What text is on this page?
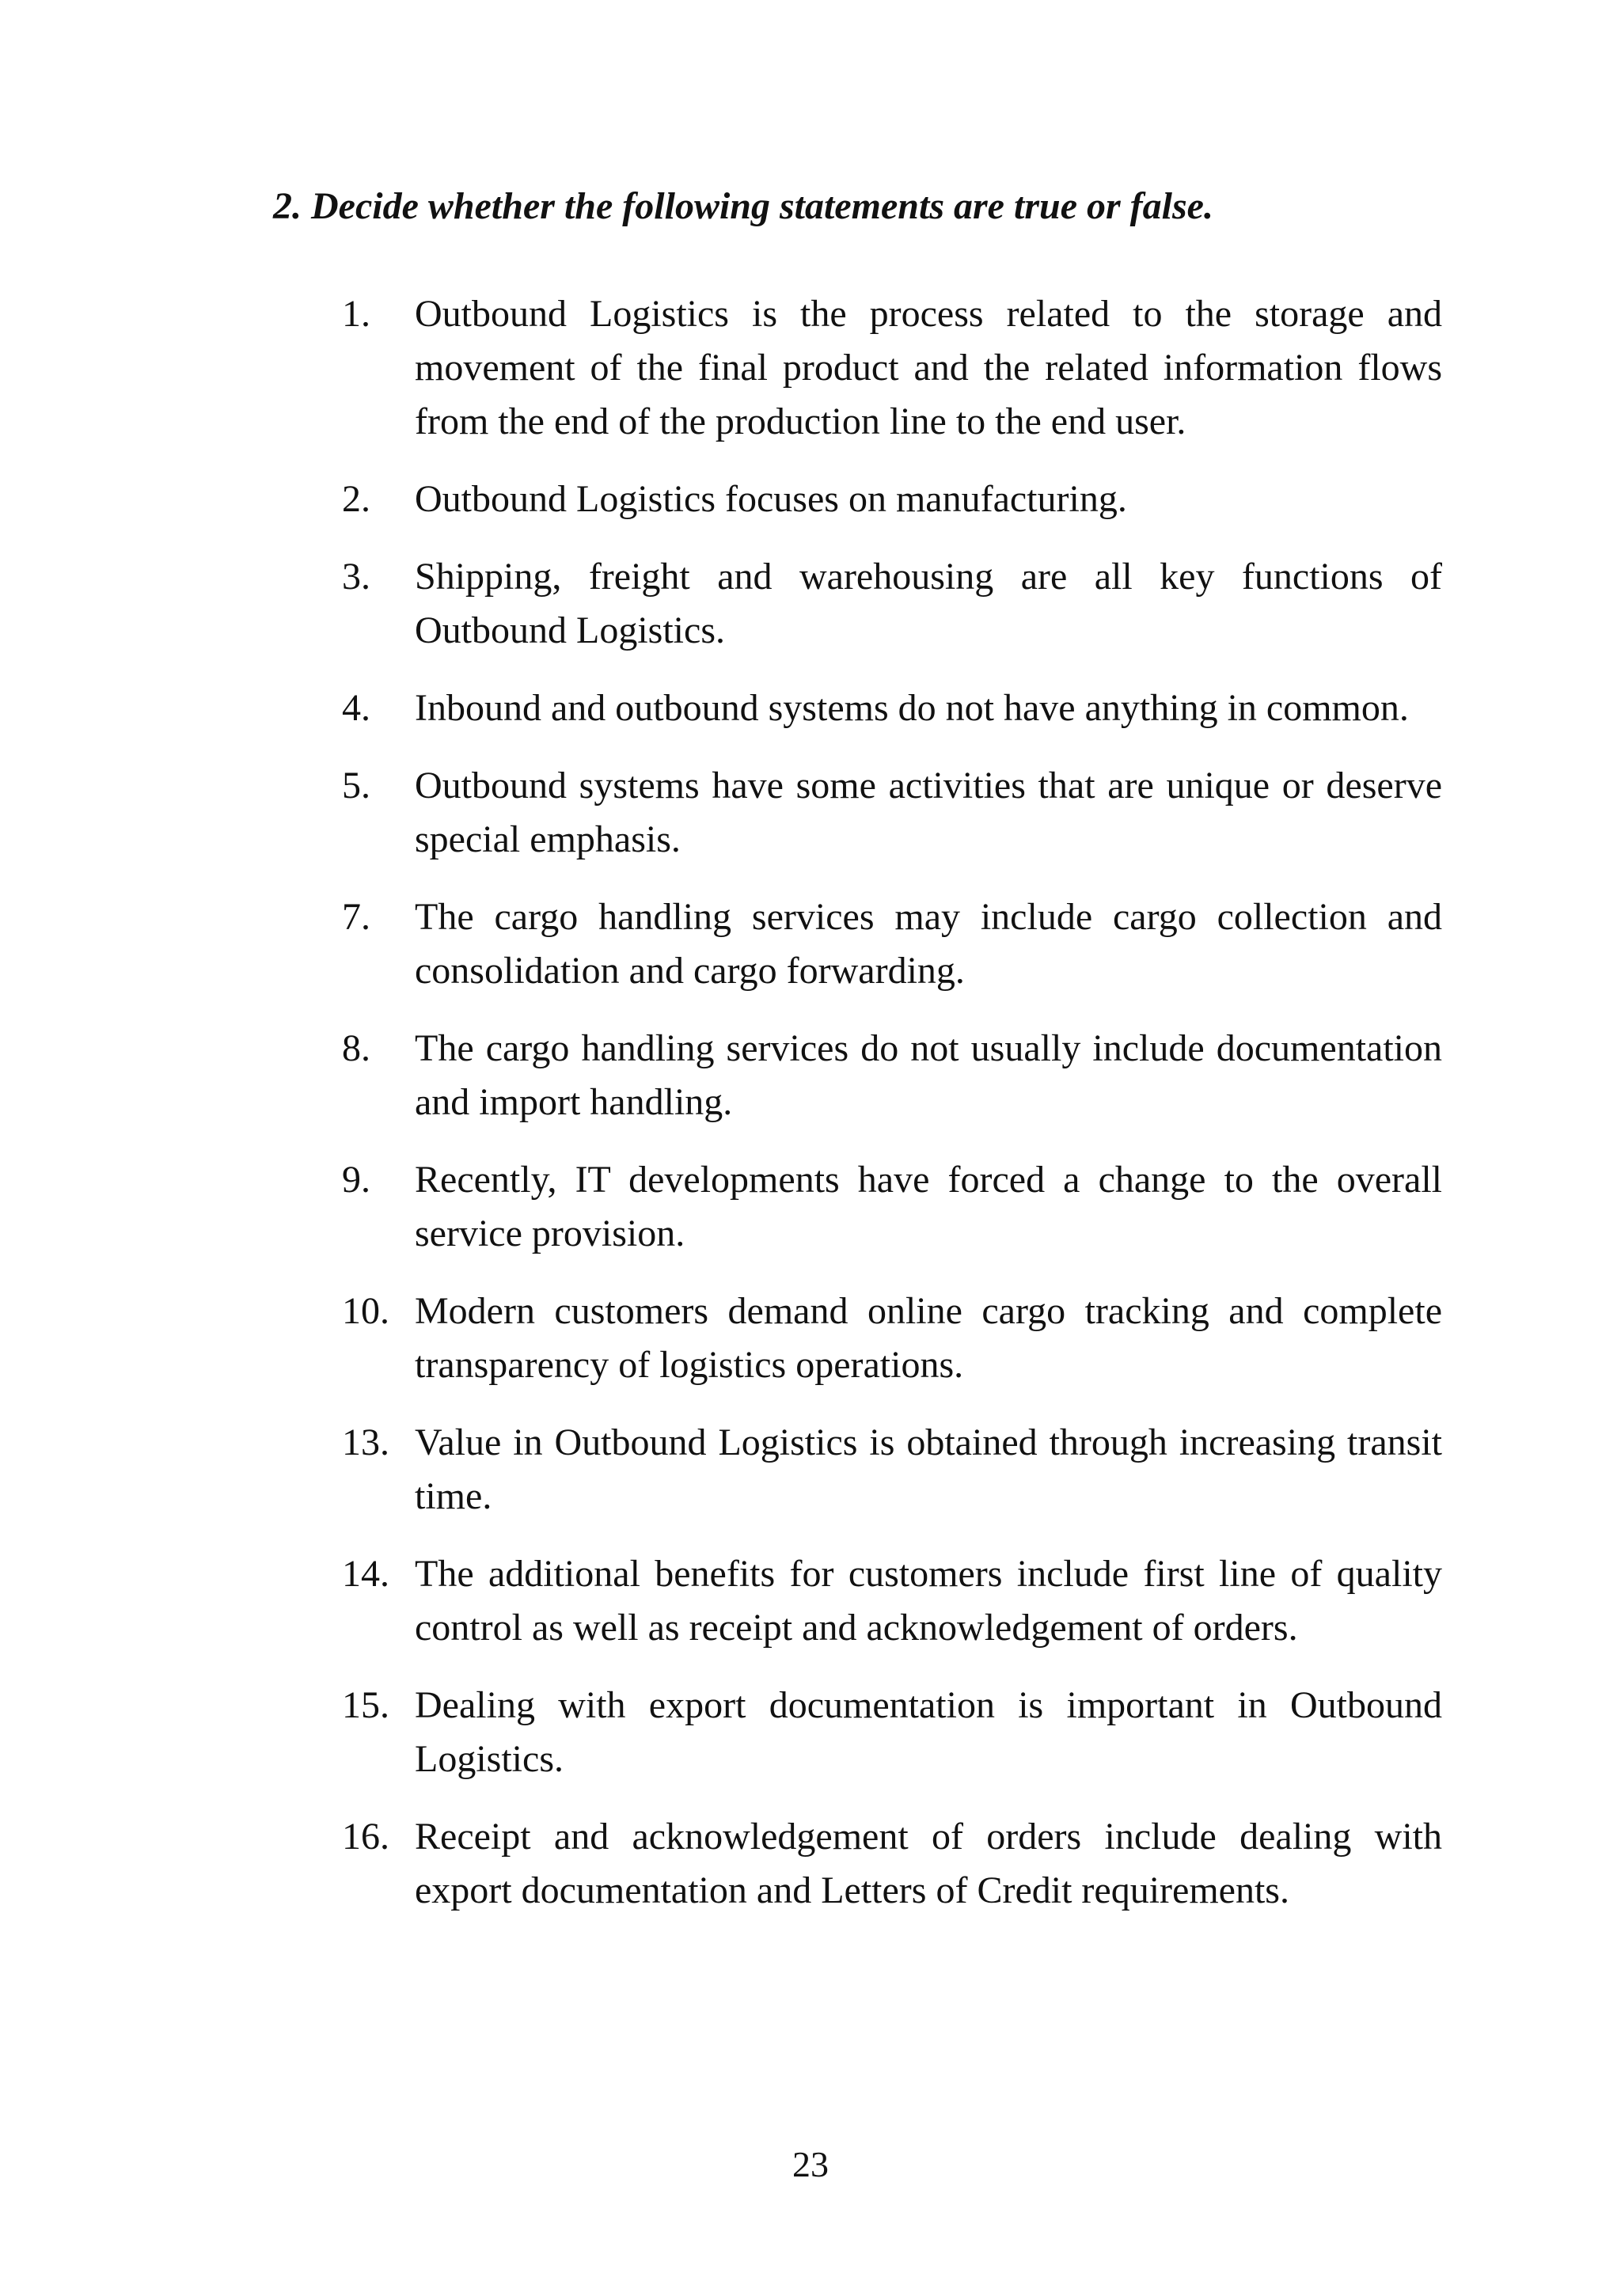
2. Decide whether the following statements are true or false.
1. Outbound Logistics is the process related to the storage and movement of the final product and the related information flows from the end of the production line to the end user.
2. Outbound Logistics focuses on manufacturing.
3. Shipping, freight and warehousing are all key functions of Outbound Logistics.
4. Inbound and outbound systems do not have anything in common.
5. Outbound systems have some activities that are unique or deserve special emphasis.
7. The cargo handling services may include cargo collection and consolidation and cargo forwarding.
8. The cargo handling services do not usually include documentation and import handling.
9. Recently, IT developments have forced a change to the overall service provision.
10. Modern customers demand online cargo tracking and complete transparency of logistics operations.
13. Value in Outbound Logistics is obtained through increasing transit time.
14. The additional benefits for customers include first line of quality control as well as receipt and acknowledgement of orders.
15. Dealing with export documentation is important in Outbound Logistics.
16. Receipt and acknowledgement of orders include dealing with export documentation and Letters of Credit requirements.
23
